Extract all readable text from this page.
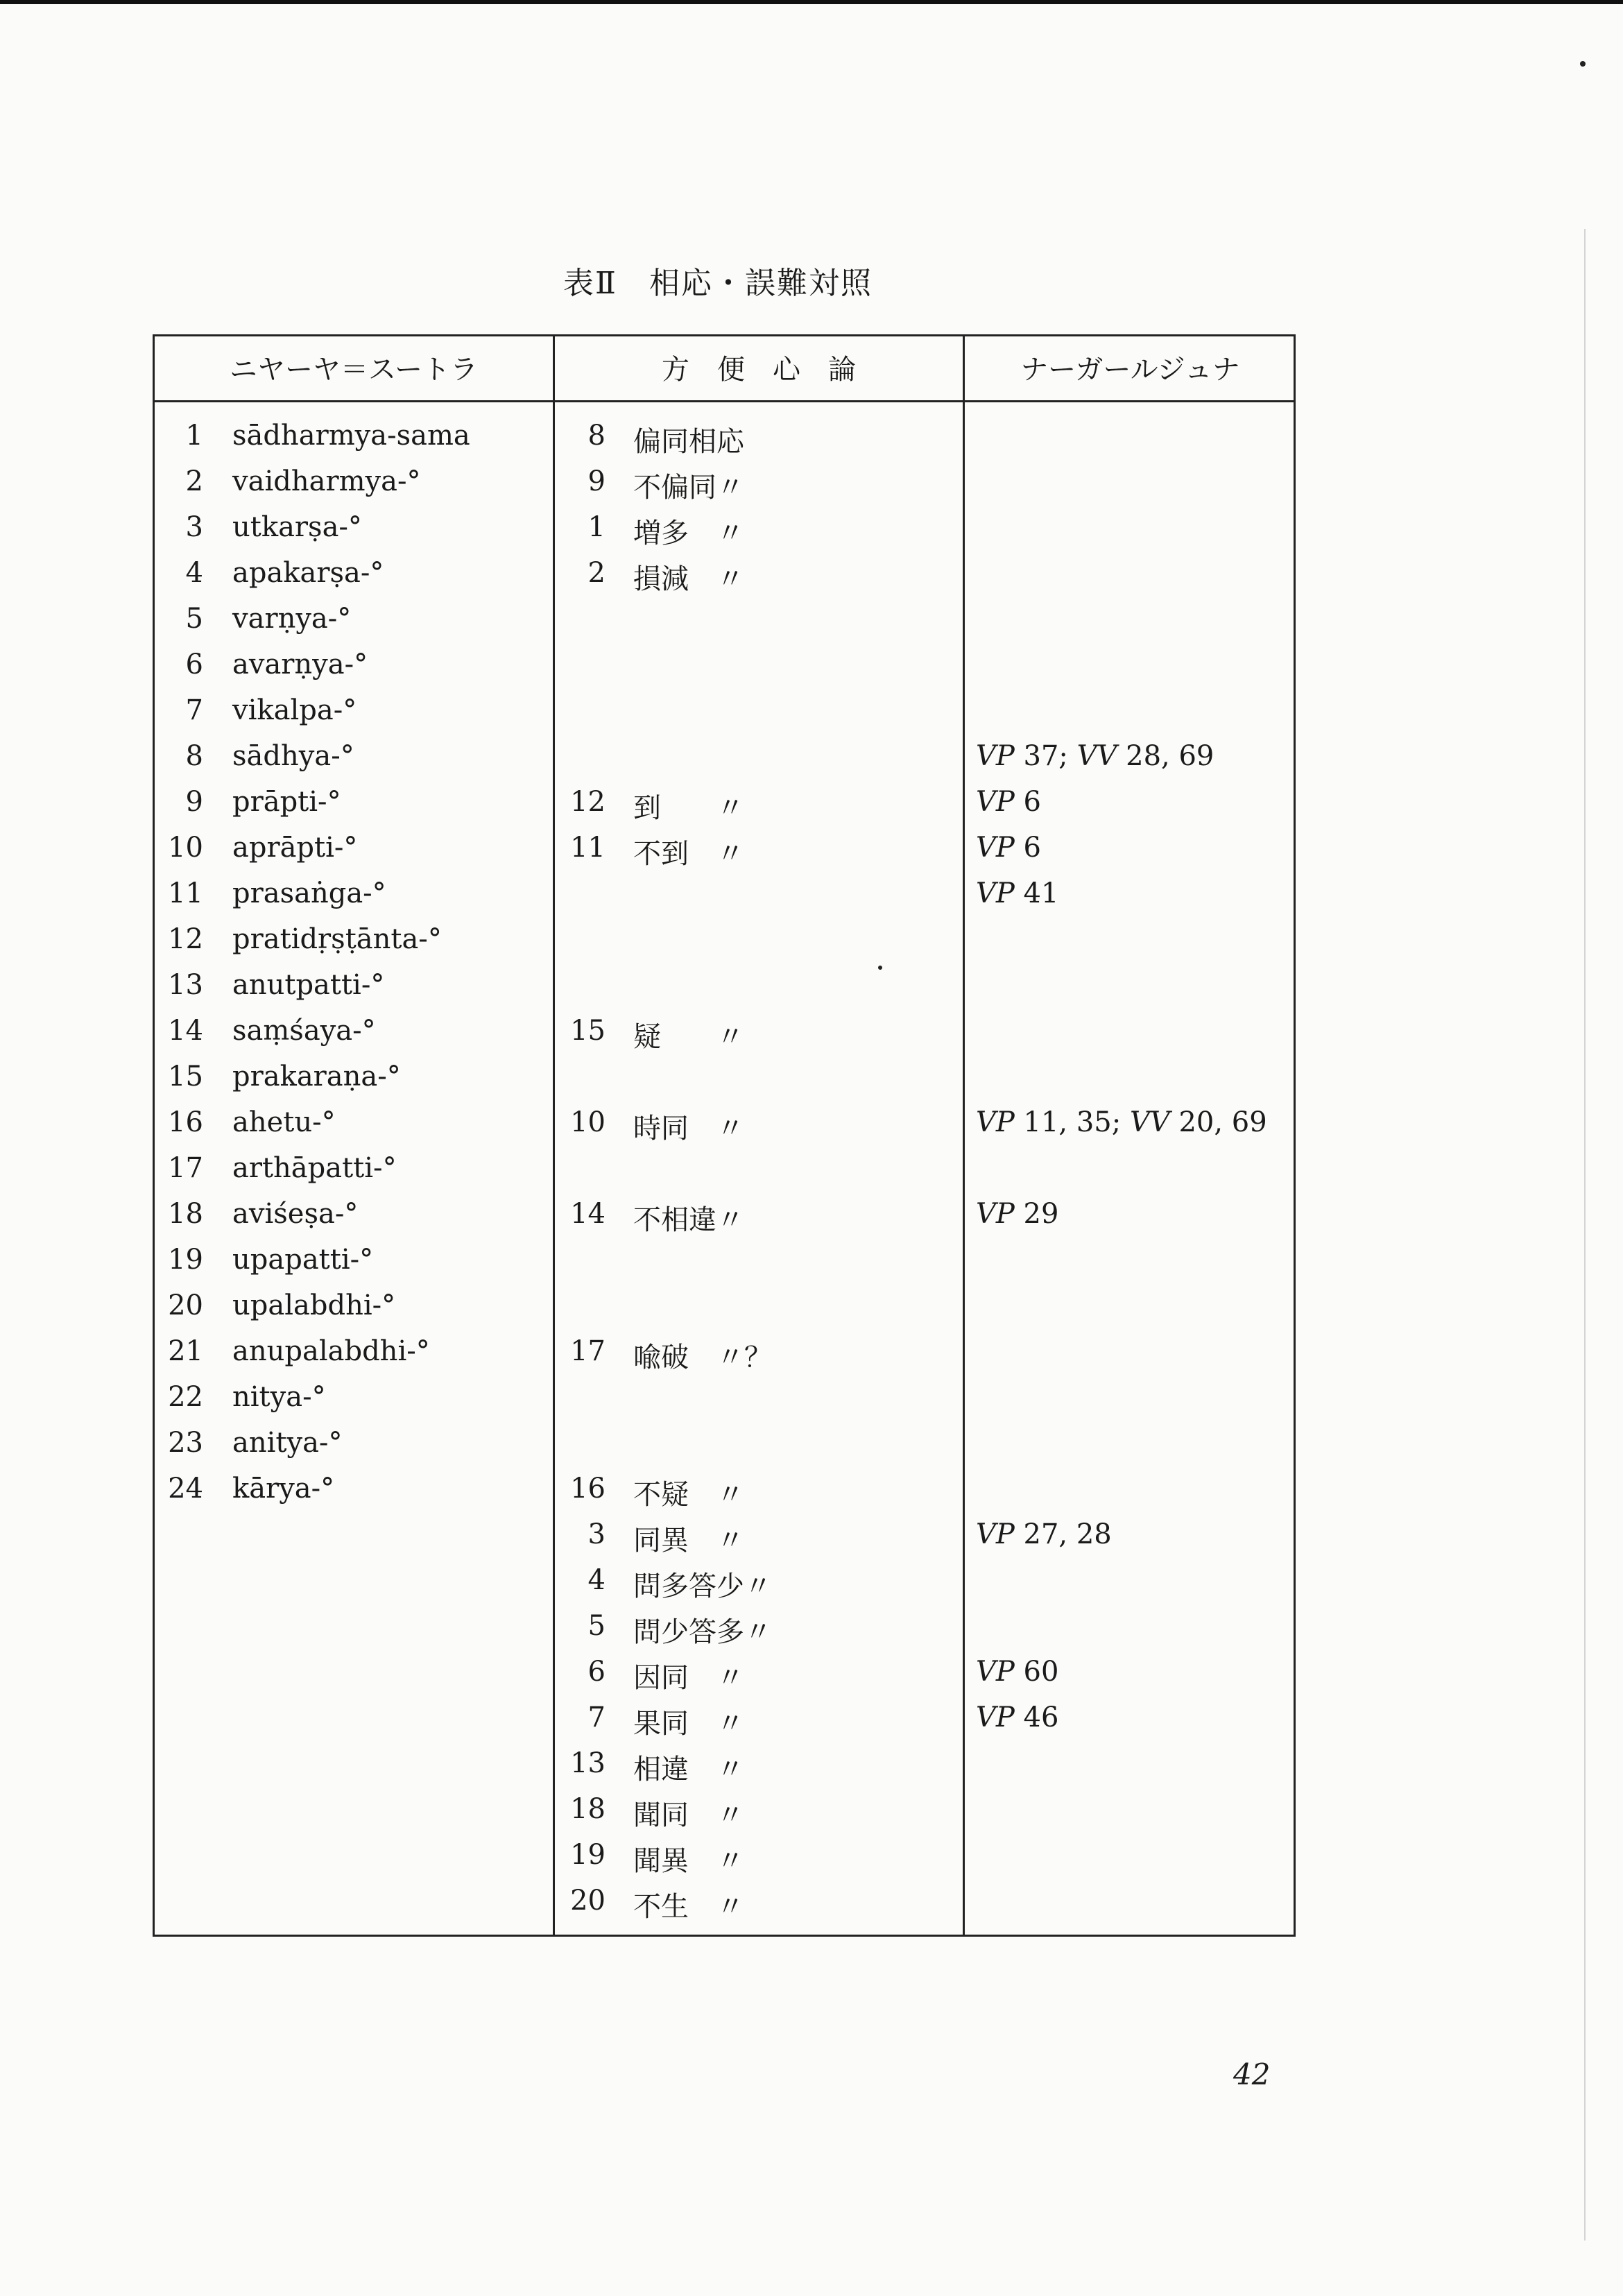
表Ⅱ　相応・誤難対照
ニヤーヤ＝スートラ	方　便　心　論	ナーガールジュナ
1 sādharmya-sama
2 vaidharmya-°
3 utkarṣa-°
4 apakarṣa-°
5 varṇya-°
6 avarṇya-°
7 vikalpa-°
8 sādhya-°
9 prāpti-°
10 aprāpti-°
11 prasaṅga-°
12 pratidṛṣṭānta-°
13 anutpatti-°
14 saṃśaya-°
15 prakaraṇa-°
16 ahetu-°
17 arthāpatti-°
18 aviśeṣa-°
19 upapatti-°
20 upalabdhi-°
21 anupalabdhi-°
22 nitya-°
23 anitya-°
24 kārya-°
8 偏同相応
9 不偏同〃
1 増多　〃
2 損減　〃
12 到　　〃
11 不到　〃
15 疑　　〃
10 時同　〃
14 不相違〃
17 喩破　〃？
16 不疑　〃
3 同異　〃
4 問多答少〃
5 問少答多〃
6 因同　〃
7 果同　〃
13 相違　〃
18 聞同　〃
19 聞異　〃
20 不生　〃
VP 37; VV 28, 69
VP 6
VP 6
VP 41
VP 11, 35; VV 20, 69
VP 29
VP 27, 28
VP 60
VP 46
42
